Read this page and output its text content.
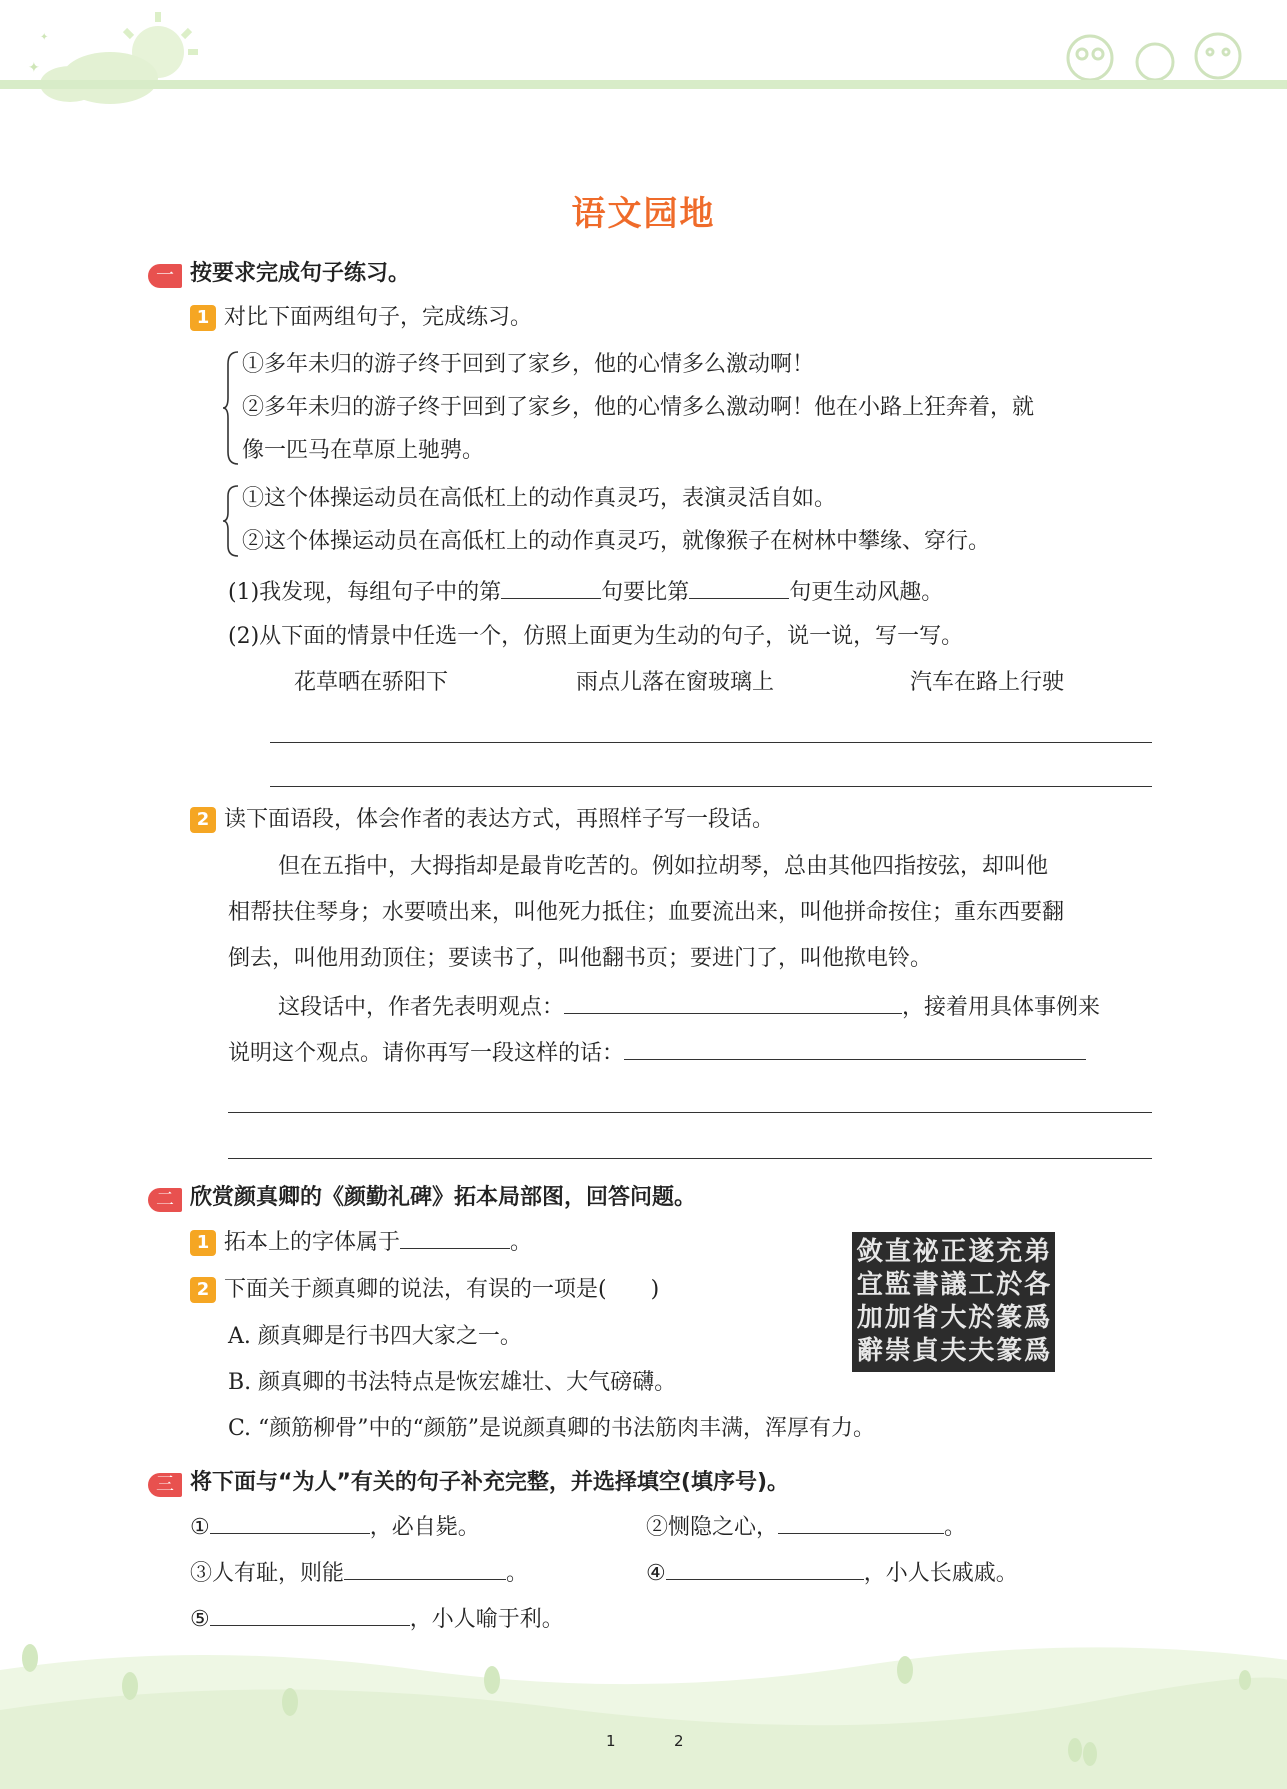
✦
✦
语文园地
一 按要求完成句子练习。
1 对比下面两组句子，完成练习。
①多年未归的游子终于回到了家乡，他的心情多么激动啊！
②多年未归的游子终于回到了家乡，他的心情多么激动啊！他在小路上狂奔着，就
像一匹马在草原上驰骋。
①这个体操运动员在高低杠上的动作真灵巧，表演灵活自如。
②这个体操运动员在高低杠上的动作真灵巧，就像猴子在树林中攀缘、穿行。
(1)我发现，每组句子中的第	句要比第	句更生动风趣。
(2)从下面的情景中任选一个，仿照上面更为生动的句子，说一说，写一写。
花草晒在骄阳下	雨点儿落在窗玻璃上	汽车在路上行驶
2 读下面语段，体会作者的表达方式，再照样子写一段话。
但在五指中，大拇指却是最肯吃苦的。例如拉胡琴，总由其他四指按弦，却叫他
相帮扶住琴身；水要喷出来，叫他死力抵住；血要流出来，叫他拼命按住；重东西要翻
倒去，叫他用劲顶住；要读书了，叫他翻书页；要进门了，叫他揿电铃。
这段话中，作者先表明观点：	，接着用具体事例来
说明这个观点。请你再写一段这样的话：
二 欣赏颜真卿的《颜勤礼碑》拓本局部图，回答问题。
1 拓本上的字体属于	。
2 下面关于颜真卿的说法，有误的一项是(　　)
A. 颜真卿是行书四大家之一。
B. 颜真卿的书法特点是恢宏雄壮、大气磅礴。
C. “颜筋柳骨”中的“颜筋”是说颜真卿的书法筋肉丰满，浑厚有力。
敛 直 祕 正 遂 充 弟
宜 監 書 議 工 於 各
加 加 省 大 於 篆 爲
辭 崇 貞 夫 夫 篆 爲
三 将下面与“为人”有关的句子补充完整，并选择填空(填序号)。
①	，必自毙。	②恻隐之心，	。
③人有耻，则能	。	④	，小人长戚戚。
⑤	，小人喻于利。
1	2
